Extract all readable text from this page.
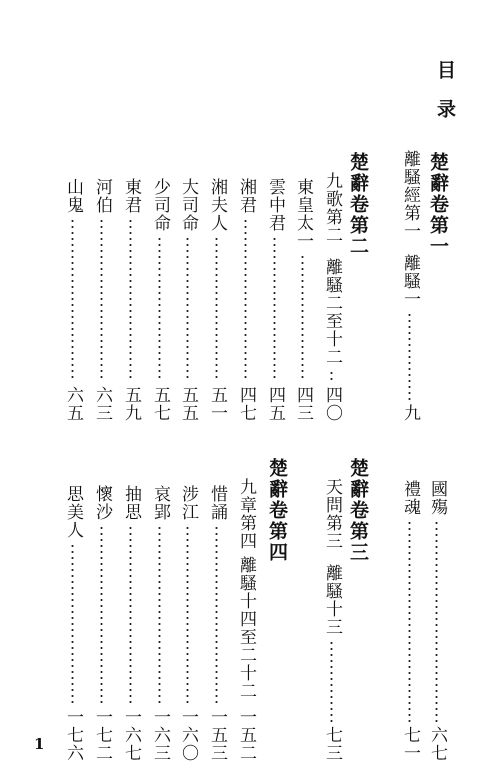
目录
楚辭卷第一
離騷經第一
離騷一
九
楚辭卷第二
九歌第二
離騷二至十二
四〇
東皇太一
四三
雲中君
四五
湘君
四七
湘夫人
五一
大司命
五五
少司命
五七
東君
五九
河伯
六三
山鬼
六五
國殤
六七
禮魂
七一
楚辭卷第三
天問第三
離騷十三
七三
楚辭卷第四
九章第四
離騷十四至二十二
一五二
惜誦
一五三
涉江
一六〇
哀郢
一六三
抽思
一六七
懷沙
一七二
思美人
一七六
1
